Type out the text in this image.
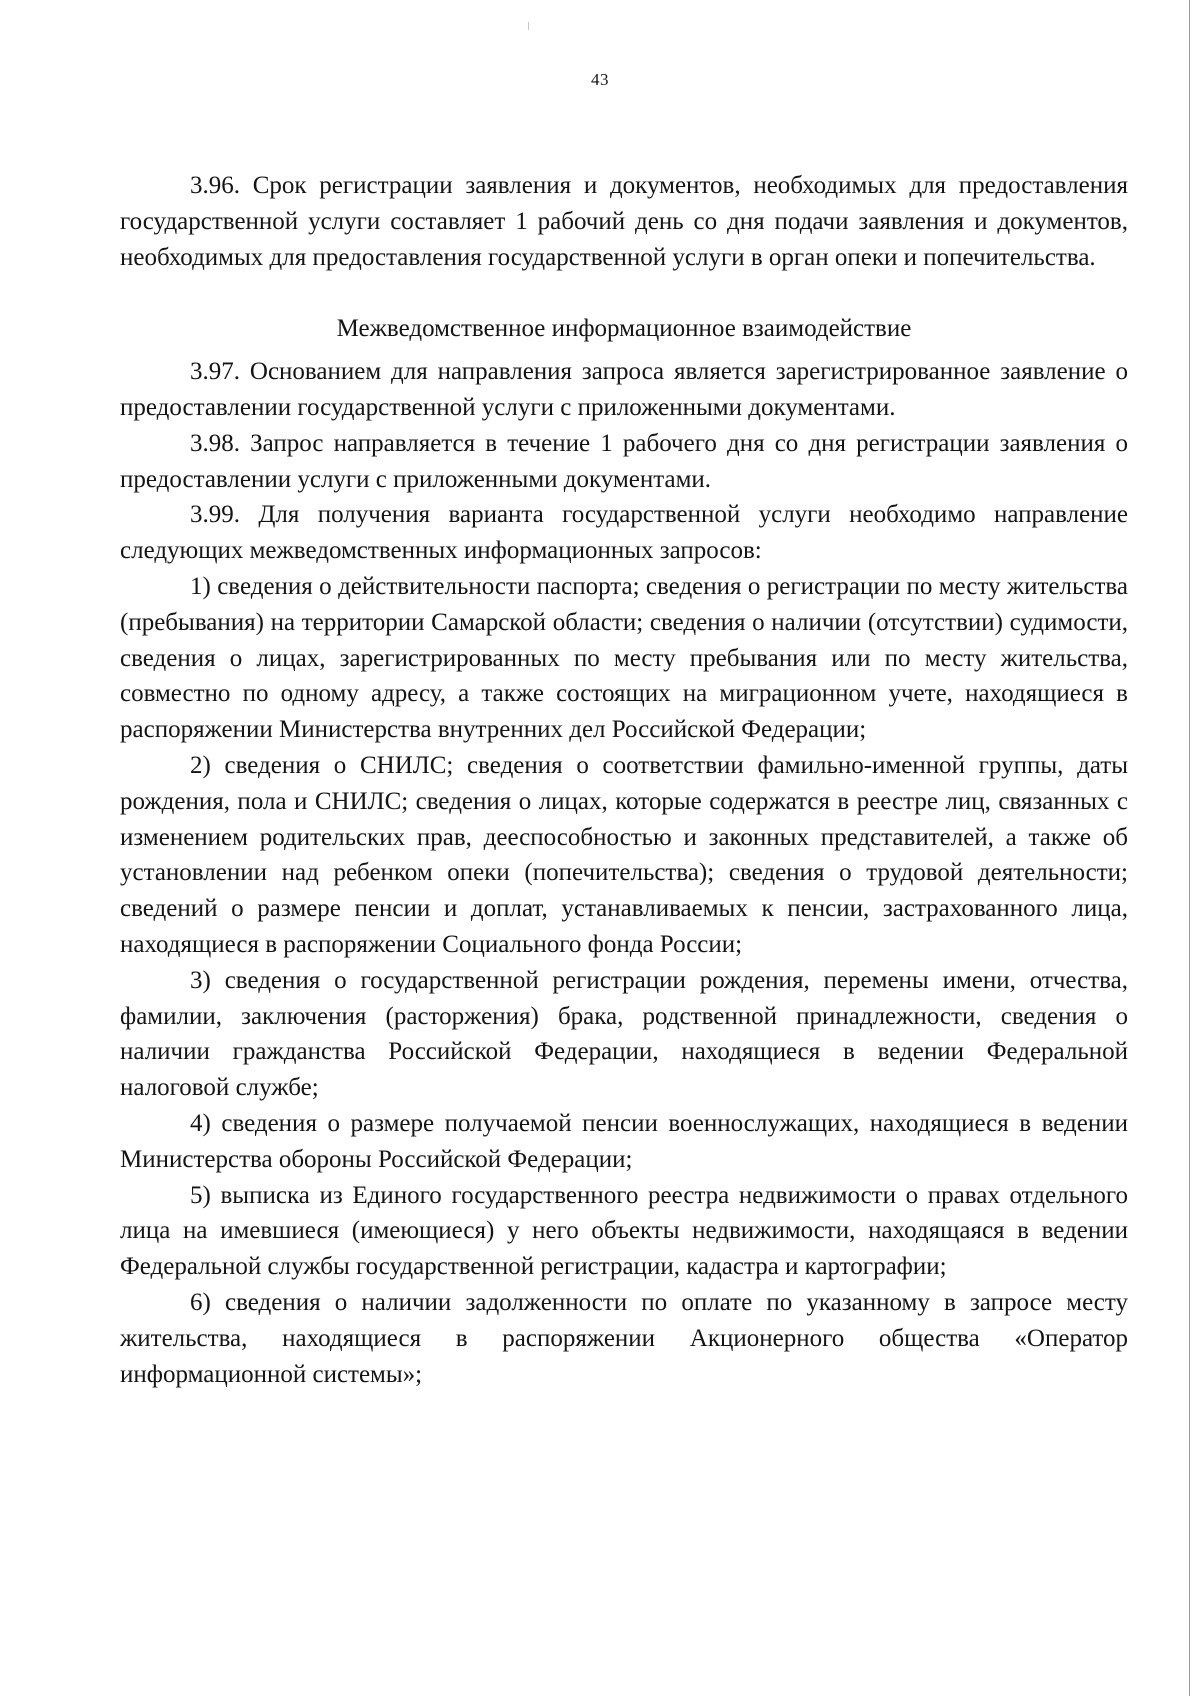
43

3.96. Срок регистрации заявления и документов, необходимых для предоставления государственной услуги составляет 1 рабочий день со дня подачи заявления и документов, необходимых для предоставления государственной услуги в орган опеки и попечительства.

Межведомственное информационное взаимодействие

3.97. Основанием для направления запроса является зарегистрированное заявление о предоставлении государственной услуги с приложенными документами.

3.98. Запрос направляется в течение 1 рабочего дня со дня регистрации заявления о предоставлении услуги с приложенными документами.

3.99. Для получения варианта государственной услуги необходимо направление следующих межведомственных информационных запросов:

1) сведения о действительности паспорта; сведения о регистрации по месту жительства (пребывания) на территории Самарской области; сведения о наличии (отсутствии) судимости, сведения о лицах, зарегистрированных по месту пребывания или по месту жительства, совместно по одному адресу, а также состоящих на миграционном учете, находящиеся в распоряжении Министерства внутренних дел Российской Федерации;

2) сведения о СНИЛС; сведения о соответствии фамильно-именной группы, даты рождения, пола и СНИЛС; сведения о лицах, которые содержатся в реестре лиц, связанных с изменением родительских прав, дееспособностью и законных представителей, а также об установлении над ребенком опеки (попечительства); сведения о трудовой деятельности; сведений о размере пенсии и доплат, устанавливаемых к пенсии, застрахованного лица, находящиеся в распоряжении Социального фонда России;

3) сведения о государственной регистрации рождения, перемены имени, отчества, фамилии, заключения (расторжения) брака, родственной принадлежности, сведения о наличии гражданства Российской Федерации, находящиеся в ведении Федеральной налоговой службе;

4) сведения о размере получаемой пенсии военнослужащих, находящиеся в ведении Министерства обороны Российской Федерации;

5) выписка из Единого государственного реестра недвижимости о правах отдельного лица на имевшиеся (имеющиеся) у него объекты недвижимости, находящаяся в ведении Федеральной службы государственной регистрации, кадастра и картографии;

6) сведения о наличии задолженности по оплате по указанному в запросе месту жительства, находящиеся в распоряжении Акционерного общества «Оператор информационной системы»;
